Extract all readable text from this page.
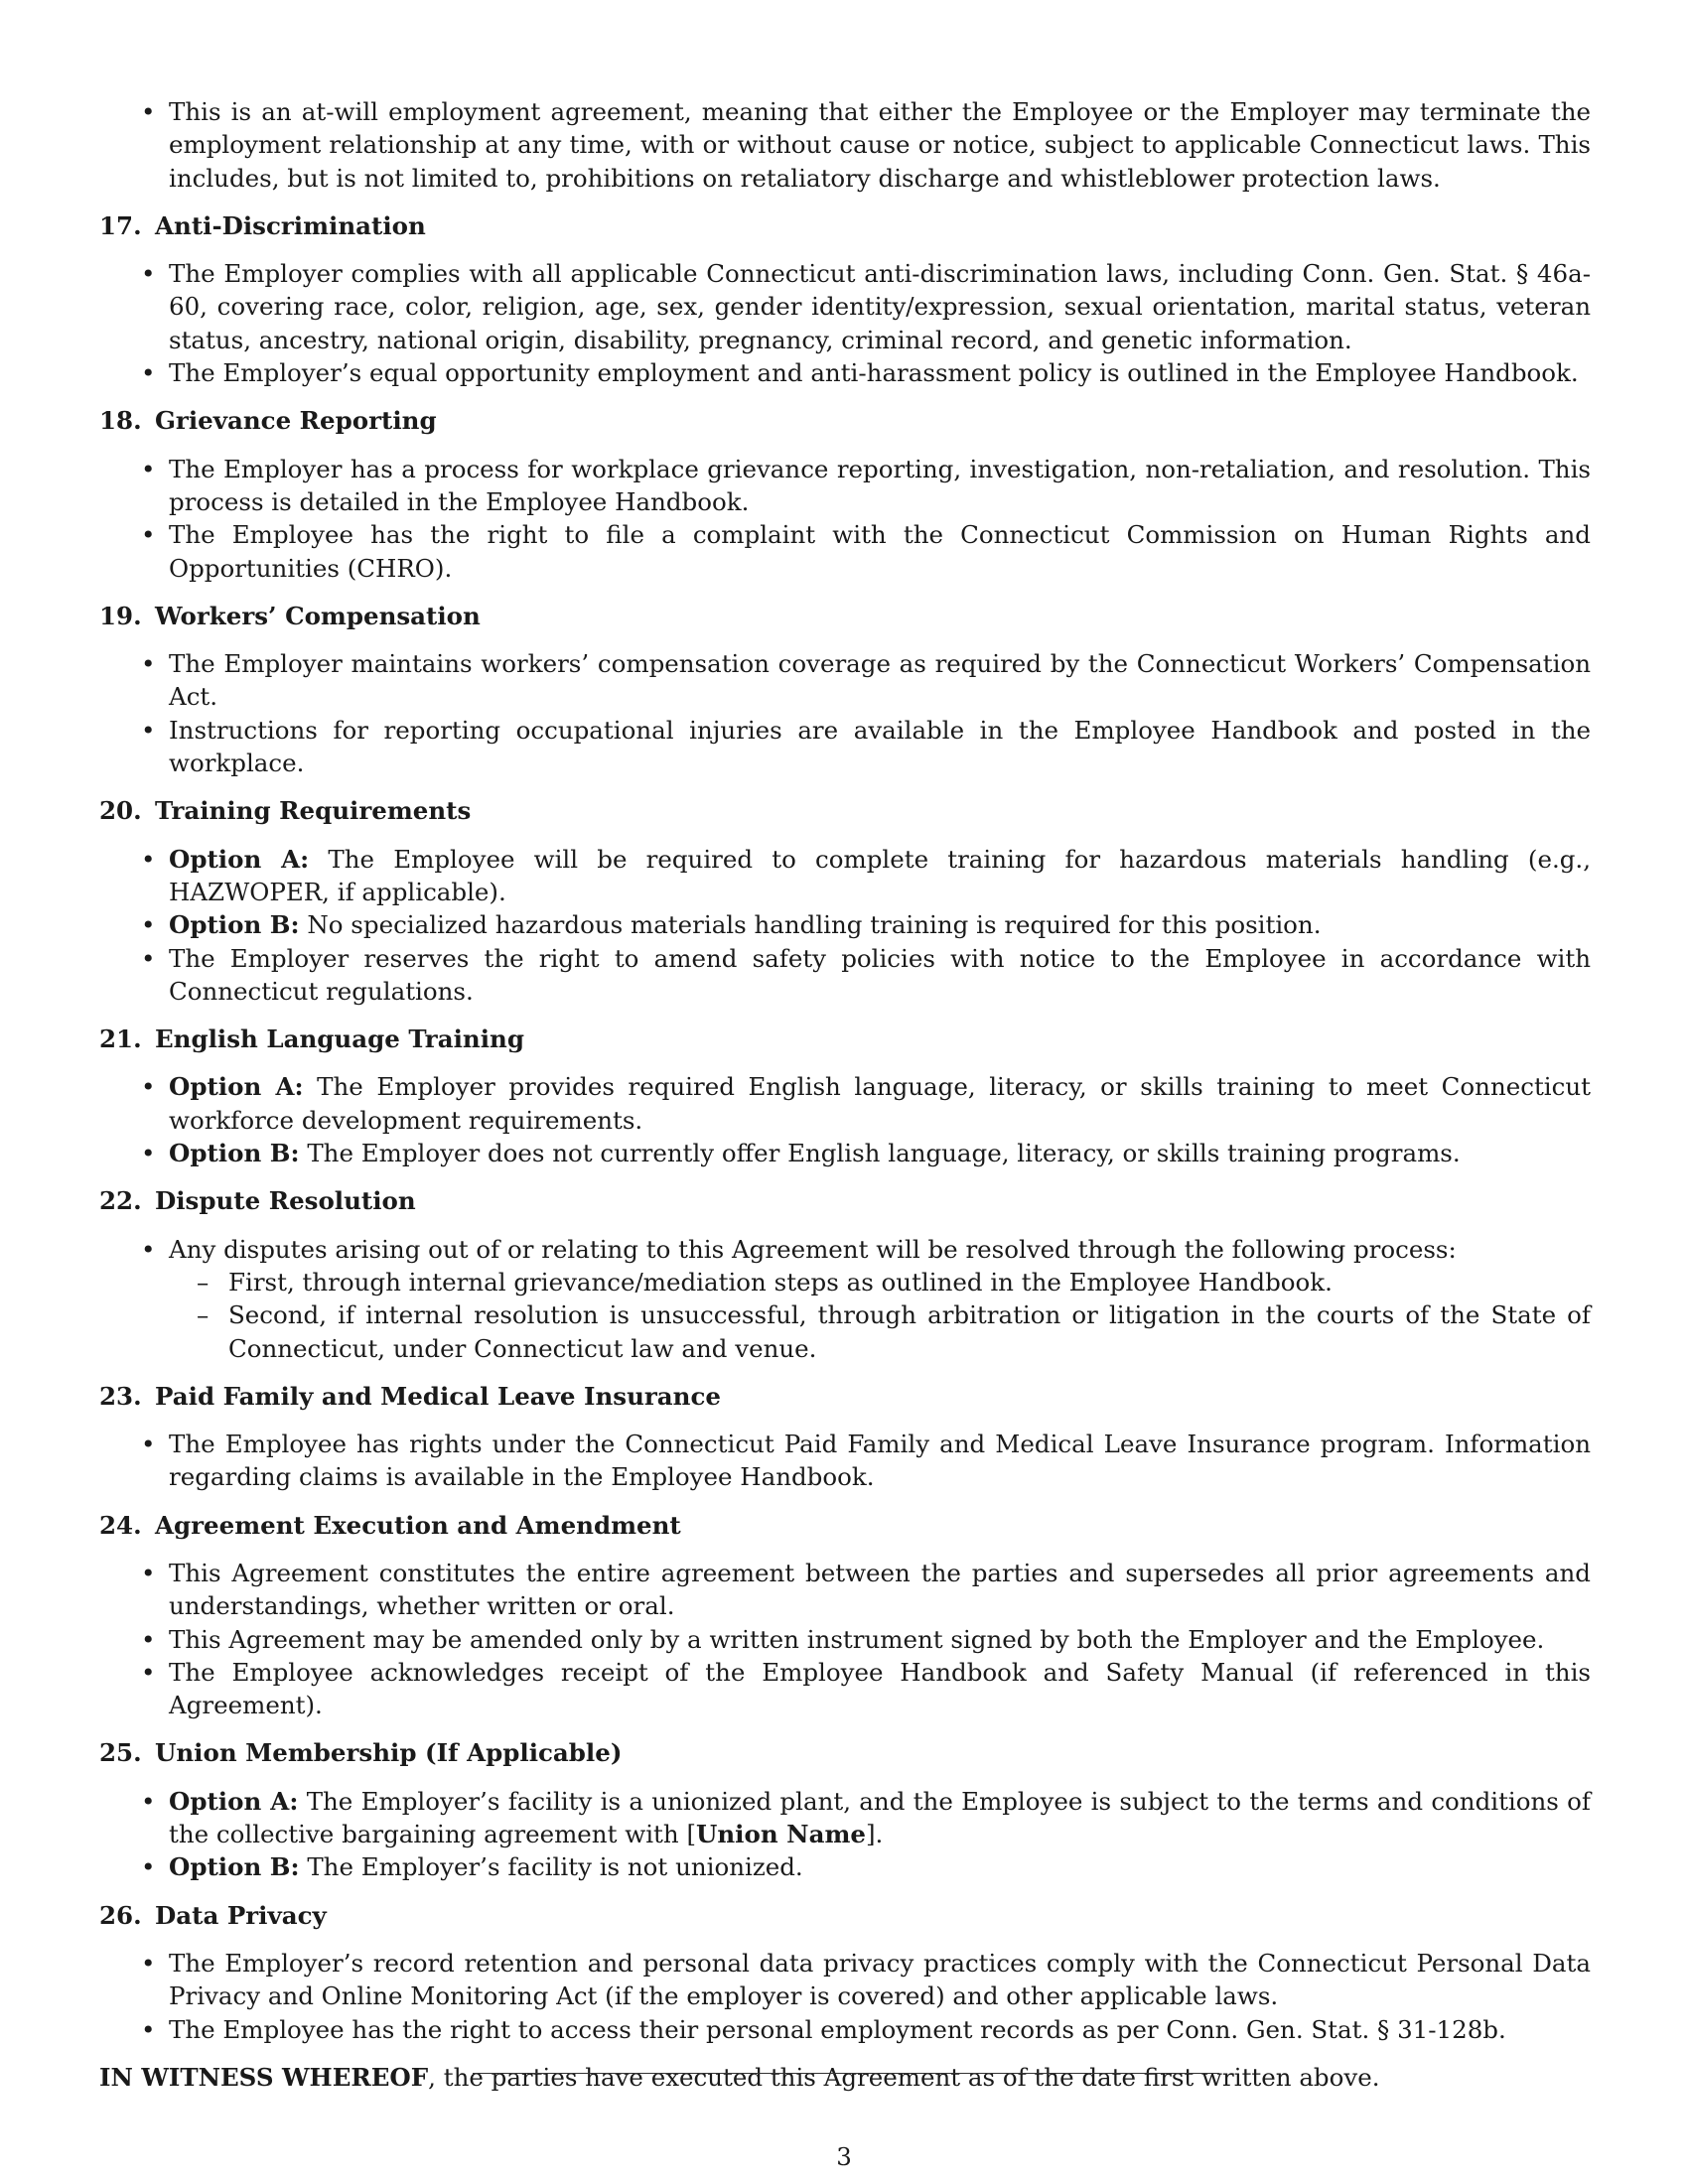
• This is an at-will employment agreement, meaning that either the Employee or the Employer may terminate the employment relationship at any time, with or without cause or notice, subject to applicable Connecticut laws. This includes, but is not limited to, prohibitions on retaliatory discharge and whistleblower protection laws.
17. Anti-Discrimination
• The Employer complies with all applicable Connecticut anti-discrimination laws, including Conn. Gen. Stat. § 46a-60, covering race, color, religion, age, sex, gender identity/expression, sexual orientation, marital status, veteran status, ancestry, national origin, disability, pregnancy, criminal record, and genetic information.
• The Employer’s equal opportunity employment and anti-harassment policy is outlined in the Employee Handbook.
18. Grievance Reporting
• The Employer has a process for workplace grievance reporting, investigation, non-retaliation, and resolution. This process is detailed in the Employee Handbook.
• The Employee has the right to file a complaint with the Connecticut Commission on Human Rights and Opportunities (CHRO).
19. Workers’ Compensation
• The Employer maintains workers’ compensation coverage as required by the Connecticut Workers’ Compensation Act.
• Instructions for reporting occupational injuries are available in the Employee Handbook and posted in the workplace.
20. Training Requirements
• Option A: The Employee will be required to complete training for hazardous materials handling (e.g., HAZWOPER, if applicable).
• Option B: No specialized hazardous materials handling training is required for this position.
• The Employer reserves the right to amend safety policies with notice to the Employee in accordance with Connecticut regulations.
21. English Language Training
• Option A: The Employer provides required English language, literacy, or skills training to meet Connecticut workforce development requirements.
• Option B: The Employer does not currently offer English language, literacy, or skills training programs.
22. Dispute Resolution
• Any disputes arising out of or relating to this Agreement will be resolved through the following process:
– First, through internal grievance/mediation steps as outlined in the Employee Handbook.
– Second, if internal resolution is unsuccessful, through arbitration or litigation in the courts of the State of Connecticut, under Connecticut law and venue.
23. Paid Family and Medical Leave Insurance
• The Employee has rights under the Connecticut Paid Family and Medical Leave Insurance program. Information regarding claims is available in the Employee Handbook.
24. Agreement Execution and Amendment
• This Agreement constitutes the entire agreement between the parties and supersedes all prior agreements and understandings, whether written or oral.
• This Agreement may be amended only by a written instrument signed by both the Employer and the Employee.
• The Employee acknowledges receipt of the Employee Handbook and Safety Manual (if referenced in this Agreement).
25. Union Membership (If Applicable)
• Option A: The Employer’s facility is a unionized plant, and the Employee is subject to the terms and conditions of the collective bargaining agreement with [Union Name].
• Option B: The Employer’s facility is not unionized.
26. Data Privacy
• The Employer’s record retention and personal data privacy practices comply with the Connecticut Personal Data Privacy and Online Monitoring Act (if the employer is covered) and other applicable laws.
• The Employee has the right to access their personal employment records as per Conn. Gen. Stat. § 31-128b.

IN WITNESS WHEREOF, the parties have executed this Agreement as of the date first written above.

3
